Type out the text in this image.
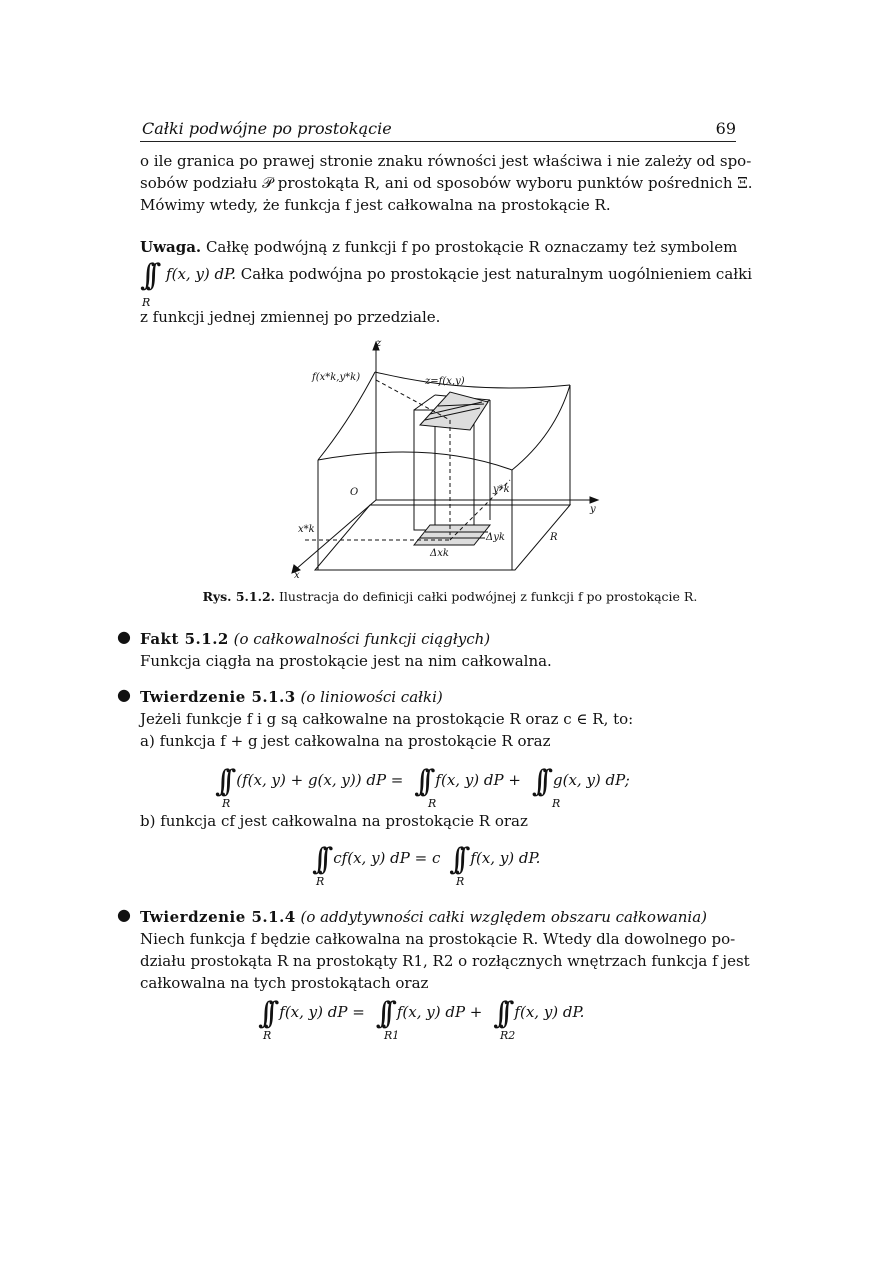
Całki podwójne po prostokącie	69
o ile granica po prawej stronie znaku równości jest właściwa i nie zależy od spo-
sobów podziału 𝒫 prostokąta R, ani od sposobów wyboru punktów pośrednich Ξ.
Mówimy wtedy, że funkcja f jest całkowalna na prostokącie R.
Uwaga. Całkę podwójną z funkcji f po prostokącie R oznaczamy też symbolem
∫∫ f(x, y) dP. Całka podwójna po prostokącie jest naturalnym uogólnieniem całki
R
z funkcji jednej zmiennej po przedziale.
z
y
x
O
f(x*k,y*k)	z=f(x,y)
y*k
x*k
Δyk
Δxk
R
Rys. 5.1.2. Ilustracja do definicji całki podwójnej z funkcji f po prostokącie R.
● Fakt 5.1.2 (o całkowalności funkcji ciągłych)
Funkcja ciągła na prostokącie jest na nim całkowalna.
● Twierdzenie 5.1.3 (o liniowości całki)
Jeżeli funkcje f i g są całkowalne na prostokącie R oraz c ∈ R, to:
a) funkcja f + g jest całkowalna na prostokącie R oraz
∫∫ (f(x, y) + g(x, y)) dP = ∫∫ f(x, y) dP + ∫∫ g(x, y) dP;
R	R	R
b) funkcja cf jest całkowalna na prostokącie R oraz
∫∫ cf(x, y) dP = c ∫∫ f(x, y) dP.
R	R
● Twierdzenie 5.1.4 (o addytywności całki względem obszaru całkowania)
Niech funkcja f będzie całkowalna na prostokącie R. Wtedy dla dowolnego po-
działu prostokąta R na prostokąty R1, R2 o rozłącznych wnętrzach funkcja f jest
całkowalna na tych prostokątach oraz
∫∫ f(x, y) dP = ∫∫ f(x, y) dP + ∫∫ f(x, y) dP.
R	R1	R2
